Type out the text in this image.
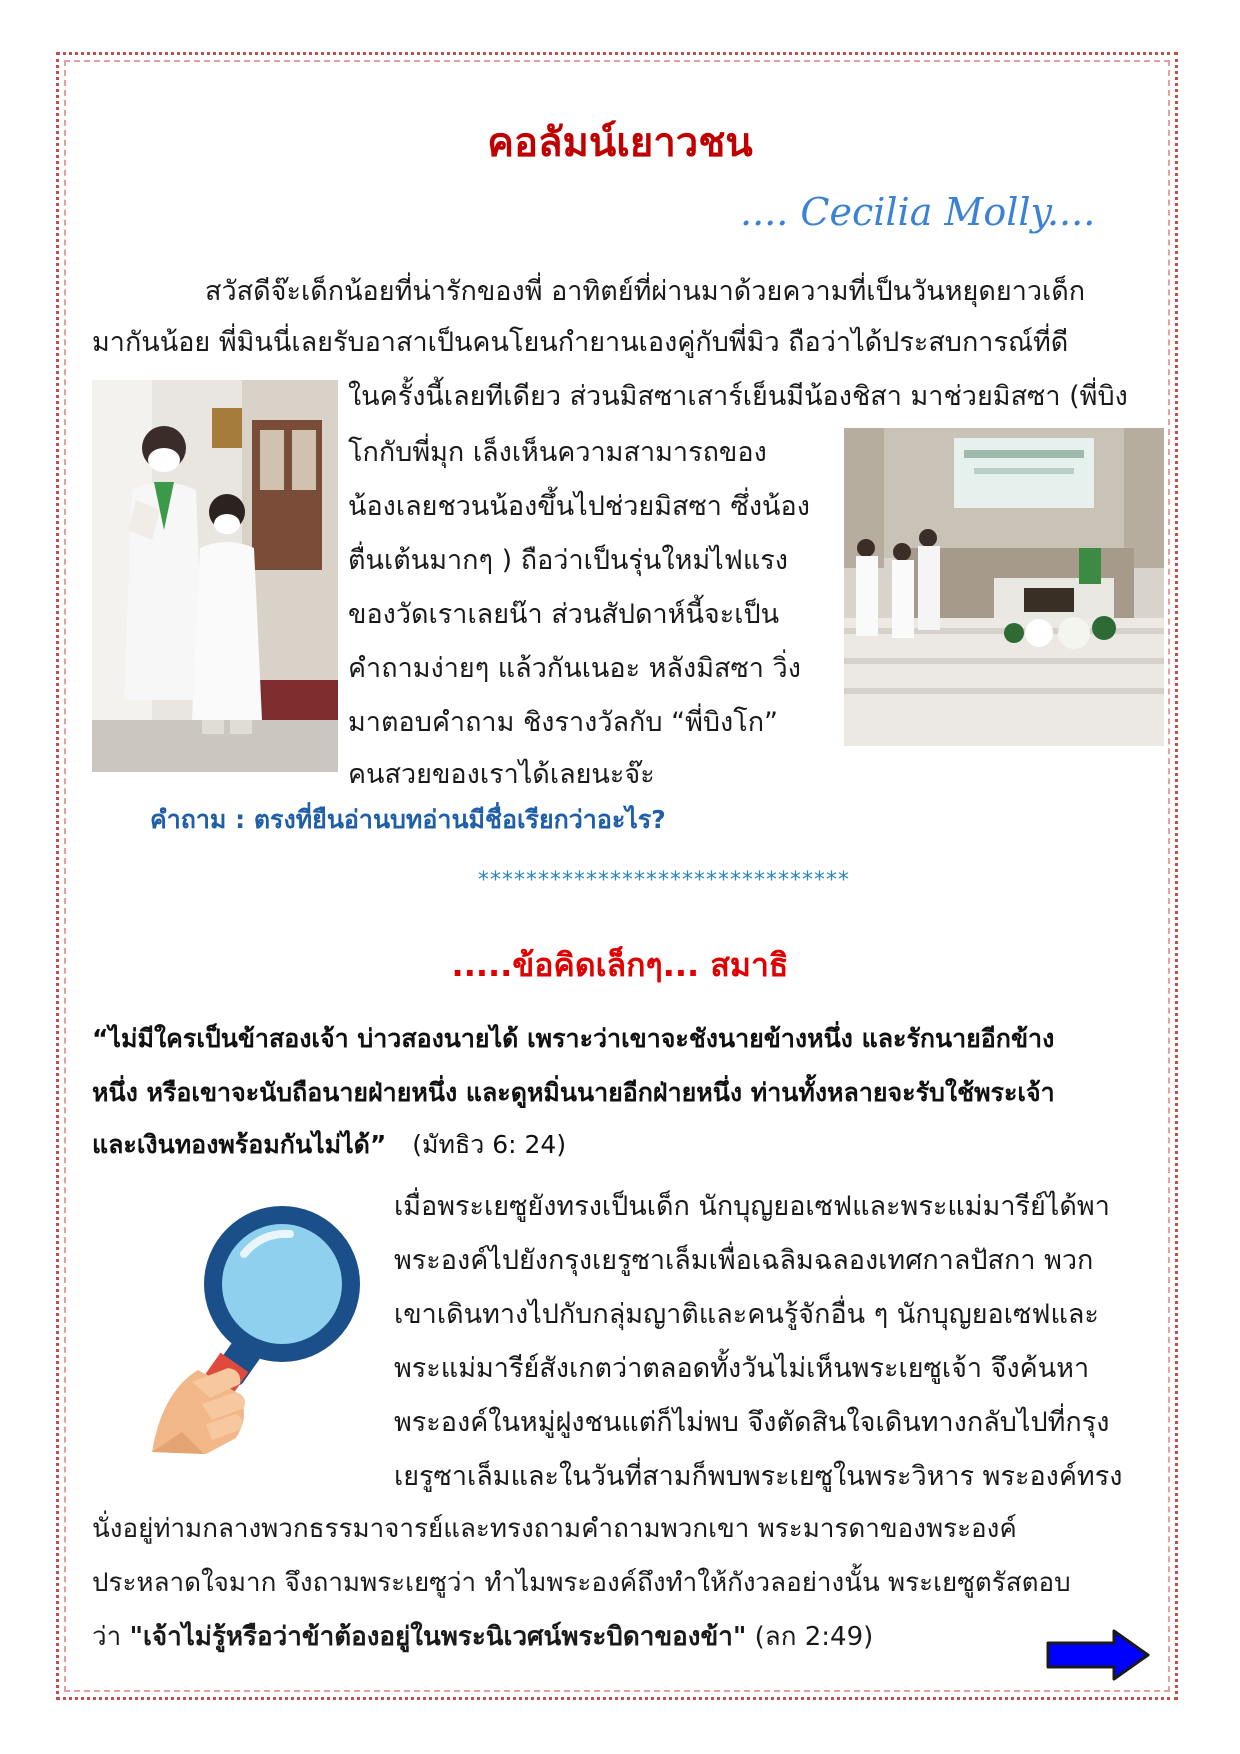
คอลัมน์เยาวชน
.... Cecilia Molly....
สวัสดีจ๊ะเด็กน้อยที่น่ารักของพี่ อาทิตย์ที่ผ่านมาด้วยความที่เป็นวันหยุดยาวเด็ก
มากันน้อย พี่มินนี่เลยรับอาสาเป็นคนโยนกำยานเองคู่กับพี่มิว ถือว่าได้ประสบการณ์ที่ดี
ในครั้งนี้เลยทีเดียว ส่วนมิสซาเสาร์เย็นมีน้องชิสา มาช่วยมิสซา (พี่บิง
โกกับพี่มุก เล็งเห็นความสามารถของ
น้องเลยชวนน้องขึ้นไปช่วยมิสซา ซึ่งน้อง
ตื่นเต้นมากๆ ) ถือว่าเป็นรุ่นใหม่ไฟแรง
ของวัดเราเลยน๊า ส่วนสัปดาห์นี้จะเป็น
คำถามง่ายๆ แล้วกันเนอะ หลังมิสซา วิ่ง
มาตอบคำถาม ชิงรางวัลกับ “พี่บิงโก”
คนสวยของเราได้เลยนะจ๊ะ
คำถาม : ตรงที่ยืนอ่านบทอ่านมีชื่อเรียกว่าอะไร?
*******************************
.....ข้อคิดเล็กๆ... สมาธิ
“ไม่มีใครเป็นข้าสองเจ้า บ่าวสองนายได้ เพราะว่าเขาจะชังนายข้างหนึ่ง และรักนายอีกข้าง
หนึ่ง หรือเขาจะนับถือนายฝ่ายหนึ่ง และดูหมิ่นนายอีกฝ่ายหนึ่ง ท่านทั้งหลายจะรับใช้พระเจ้า
และเงินทองพร้อมกันไม่ได้” (มัทธิว 6: 24)
เมื่อพระเยซูยังทรงเป็นเด็ก นักบุญยอเซฟและพระแม่มารีย์ได้พา
พระองค์ไปยังกรุงเยรูซาเล็มเพื่อเฉลิมฉลองเทศกาลปัสกา พวก
เขาเดินทางไปกับกลุ่มญาติและคนรู้จักอื่น ๆ นักบุญยอเซฟและ
พระแม่มารีย์สังเกตว่าตลอดทั้งวันไม่เห็นพระเยซูเจ้า จึงค้นหา
พระองค์ในหมู่ฝูงชนแต่ก็ไม่พบ จึงตัดสินใจเดินทางกลับไปที่กรุง
เยรูซาเล็มและในวันที่สามก็พบพระเยซูในพระวิหาร พระองค์ทรง
นั่งอยู่ท่ามกลางพวกธรรมาจารย์และทรงถามคำถามพวกเขา พระมารดาของพระองค์
ประหลาดใจมาก จึงถามพระเยซูว่า ทำไมพระองค์ถึงทำให้กังวลอย่างนั้น พระเยซูตรัสตอบ
ว่า "เจ้าไม่รู้หรือว่าข้าต้องอยู่ในพระนิเวศน์พระบิดาของข้า" (ลก 2:49)
